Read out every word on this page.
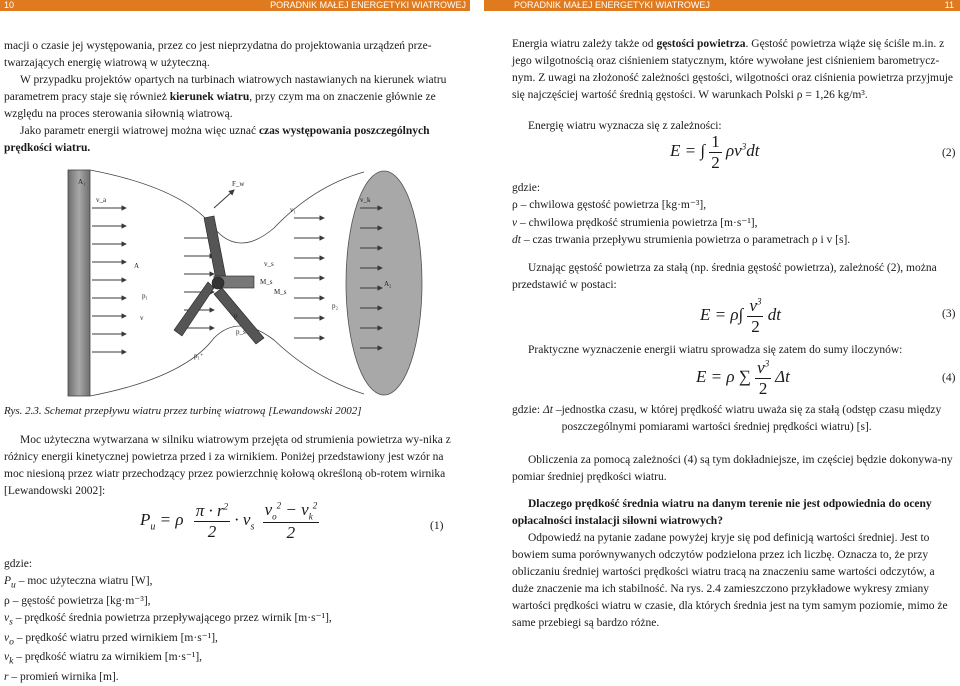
10	PORADNIK MAŁEJ ENERGETYKI WIATROWEJ	PORADNIK MAŁEJ ENERGETYKI WIATROWEJ	11

macji o czasie jej występowania, przez co jest nieprzydatna do projektowania urządzeń prze-twarzających energię wiatrową w użyteczną.

W przypadku projektów opartych na turbinach wiatrowych nastawianych na kierunek wiatru parametrem pracy staje się również kierunek wiatru, przy czym ma on znaczenie głównie ze względu na proces sterowania siłownią wiatrową.

Jako parametr energii wiatrowej można więc uznać czas występowania poszczególnych prędkości wiatru.

A₁
A
A₂
F_w
v_a
v_s
v_k
v₁
M_s
M_s
p₁
p
p_s
p₂
p₁⁺
v
Rys. 2.3. Schemat przepływu wiatru przez turbinę wiatrową [Lewandowski 2002]

Moc użyteczna wytwarzana w silniku wiatrowym przejęta od strumienia powietrza wy-nika z różnicy energii kinetycznej powietrza przed i za wirnikiem. Poniżej przedstawiony jest wzór na moc niesioną przez wiatr przechodzący przez powierzchnię kołową określoną ob-rotem wirnika [Lewandowski 2002]:

$P_u = \rho \frac{\pi \cdot r^2}{2} \cdot v_s \frac{v_o^2 - v_k^2}{2}$	(1)

gdzie:

$P_u$ – moc użyteczna wiatru [W],
ρ – gęstość powietrza [kg·m⁻³],
$v_s$ – prędkość średnia powietrza przepływającego przez wirnik [m·s⁻¹],
$v_o$ – prędkość wiatru przed wirnikiem [m·s⁻¹],
$v_k$ – prędkość wiatru za wirnikiem [m·s⁻¹],
r – promień wirnika [m].

Energia wiatru zależy także od gęstości powietrza. Gęstość powietrza wiąże się ściśle m.in. z jego wilgotnością oraz ciśnieniem statycznym, które wywołane jest ciśnieniem barometrycz-nym. Z uwagi na złożoność zależności gęstości, wilgotności oraz ciśnienia powietrza przyjmuje się najczęściej wartość średnią gęstości. W warunkach Polski ρ = 1,26 kg/m³.

Energię wiatru wyznacza się z zależności:

E = ∫ $\frac{1}{2} \rho v^3dt$	(2)

gdzie:

ρ – chwilowa gęstość powietrza [kg·m⁻³],
v – chwilowa prędkość strumienia powietrza [m·s⁻¹],
dt – czas trwania przepływu strumienia powietrza o parametrach ρ i v [s].

Uznając gęstość powietrza za stałą (np. średnia gęstość powietrza), zależność (2), można przedstawić w postaci:

$E = \rho\int \frac{v^3}{2}$ dt	(3)

Praktyczne wyznaczenie energii wiatru sprowadza się zatem do sumy iloczynów:

E = ρ ∑ $\frac{v^3}{2}$ Δt	(4)
gdzie:
Δt –
jednostka czasu, w której prędkość wiatru uważa się za stałą (odstęp czasu między poszczególnymi pomiarami wartości średniej prędkości wiatru) [s].

Obliczenia za pomocą zależności (4) są tym dokładniejsze, im częściej będzie dokonywa-ny pomiar średniej prędkości wiatru.

Dlaczego prędkość średnia wiatru na danym terenie nie jest odpowiednia do oceny opłacalności instalacji siłowni wiatrowych?

Odpowiedź na pytanie zadane powyżej kryje się pod definicją wartości średniej. Jest to bowiem suma porównywanych odczytów podzielona przez ich liczbę. Oznacza to, że przy obliczaniu średniej wartości prędkości wiatru tracą na znaczeniu same wartości odczytów, a duże znaczenie ma ich stabilność. Na rys. 2.4 zamieszczono przykładowe wykresy zmiany wartości prędkości wiatru w czasie, dla których średnia jest na tym samym poziomie, mimo że same przebiegi są bardzo różne.
